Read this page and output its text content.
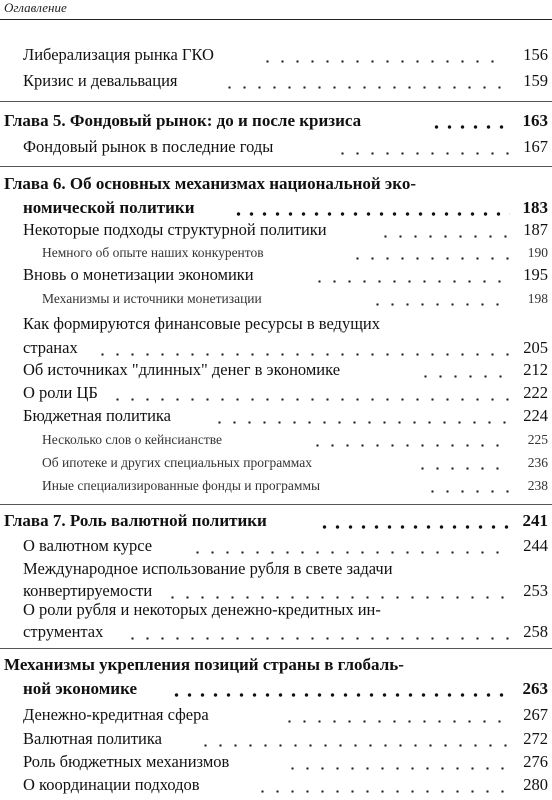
Оглавление
Либерализация рынка ГКО	156
Кризис и девальвация	159
Глава 5. Фондовый рынок: до и после кризиса	163
Фондовый рынок в последние годы	167
Глава 6. Об основных механизмах национальной эко-
номической политики	183
Некоторые подходы структурной политики	187
Немного об опыте наших конкурентов	190
Вновь о монетизации экономики	195
Механизмы и источники монетизации	198
Как формируются финансовые ресурсы в ведущих
странах	205
Об источниках "длинных" денег в экономике	212
О роли ЦБ	222
Бюджетная политика	224
Несколько слов о кейнсианстве	225
Об ипотеке и других специальных программах	236
Иные специализированные фонды и программы	238
Глава 7. Роль валютной политики	241
О валютном курсе	244
Международное использование рубля в свете задачи
конвертируемости	253
О роли рубля и некоторых денежно-кредитных ин-
струментах	258
Механизмы укрепления позиций страны в глобаль-
ной экономике	263
Денежно-кредитная сфера	267
Валютная политика	272
Роль бюджетных механизмов	276
О координации подходов	280
